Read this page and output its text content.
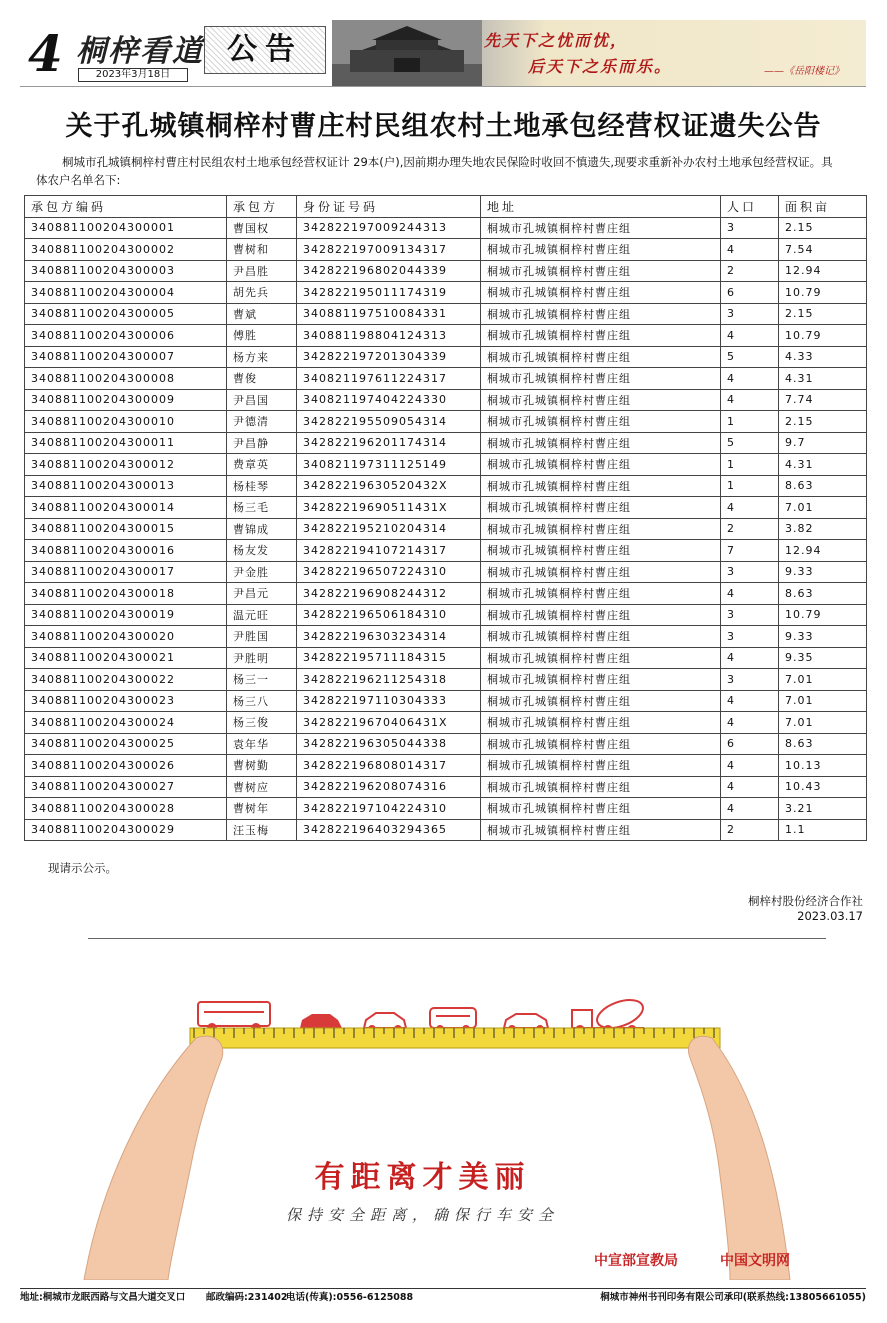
4 桐梓看道
2023年3月18日
公告	先天下之忧而忧，
后天下之乐而乐。	——《岳阳楼记》
关于孔城镇桐梓村曹庄村民组农村土地承包经营权证遗失公告
桐城市孔城镇桐梓村曹庄村民组农村土地承包经营权证计 29本(户),因前期办理失地农民保险时收回不慎遗失,现要求重新补办农村土地承包经营权证。具体农户名单名下:
承包方编码	承包方	身份证号码	地址	人口	面积亩
340881100204300001	曹国权	342822197009244313	桐城市孔城镇桐梓村曹庄组	3	2.15
340881100204300002	曹树和	342822197009134317	桐城市孔城镇桐梓村曹庄组	4	7.54
340881100204300003	尹昌胜	342822196802044339	桐城市孔城镇桐梓村曹庄组	2	12.94
340881100204300004	胡先兵	342822195011174319	桐城市孔城镇桐梓村曹庄组	6	10.79
340881100204300005	曹斌	340881197510084331	桐城市孔城镇桐梓村曹庄组	3	2.15
340881100204300006	傅胜	340881198804124313	桐城市孔城镇桐梓村曹庄组	4	10.79
340881100204300007	杨方来	342822197201304339	桐城市孔城镇桐梓村曹庄组	5	4.33
340881100204300008	曹俊	340821197611224317	桐城市孔城镇桐梓村曹庄组	4	4.31
340881100204300009	尹昌国	340821197404224330	桐城市孔城镇桐梓村曹庄组	4	7.74
340881100204300010	尹德清	342822195509054314	桐城市孔城镇桐梓村曹庄组	1	2.15
340881100204300011	尹昌静	342822196201174314	桐城市孔城镇桐梓村曹庄组	5	9.7
340881100204300012	费章英	340821197311125149	桐城市孔城镇桐梓村曹庄组	1	4.31
340881100204300013	杨桂琴	34282219630520432X	桐城市孔城镇桐梓村曹庄组	1	8.63
340881100204300014	杨三毛	34282219690511431X	桐城市孔城镇桐梓村曹庄组	4	7.01
340881100204300015	曹锦成	342822195210204314	桐城市孔城镇桐梓村曹庄组	2	3.82
340881100204300016	杨友发	342822194107214317	桐城市孔城镇桐梓村曹庄组	7	12.94
340881100204300017	尹金胜	342822196507224310	桐城市孔城镇桐梓村曹庄组	3	9.33
340881100204300018	尹昌元	342822196908244312	桐城市孔城镇桐梓村曹庄组	4	8.63
340881100204300019	温元旺	342822196506184310	桐城市孔城镇桐梓村曹庄组	3	10.79
340881100204300020	尹胜国	342822196303234314	桐城市孔城镇桐梓村曹庄组	3	9.33
340881100204300021	尹胜明	342822195711184315	桐城市孔城镇桐梓村曹庄组	4	9.35
340881100204300022	杨三一	342822196211254318	桐城市孔城镇桐梓村曹庄组	3	7.01
340881100204300023	杨三八	342822197110304333	桐城市孔城镇桐梓村曹庄组	4	7.01
340881100204300024	杨三俊	34282219670406431X	桐城市孔城镇桐梓村曹庄组	4	7.01
340881100204300025	袁年华	342822196305044338	桐城市孔城镇桐梓村曹庄组	6	8.63
340881100204300026	曹树勤	342822196808014317	桐城市孔城镇桐梓村曹庄组	4	10.13
340881100204300027	曹树应	342822196208074316	桐城市孔城镇桐梓村曹庄组	4	10.43
340881100204300028	曹树年	342822197104224310	桐城市孔城镇桐梓村曹庄组	4	3.21
340881100204300029	汪玉梅	342822196403294365	桐城市孔城镇桐梓村曹庄组	2	1.1
现请示公示。
桐梓村股份经济合作社
2023.03.17
有距离才美丽
保持安全距离，确保行车安全
中宣部宣教局	中国文明网
地址:桐城市龙眠西路与文昌大道交叉口 邮政编码:231402
电话(传真):0556-6125088	桐城市神州书刊印务有限公司承印(联系热线:13805661055)
